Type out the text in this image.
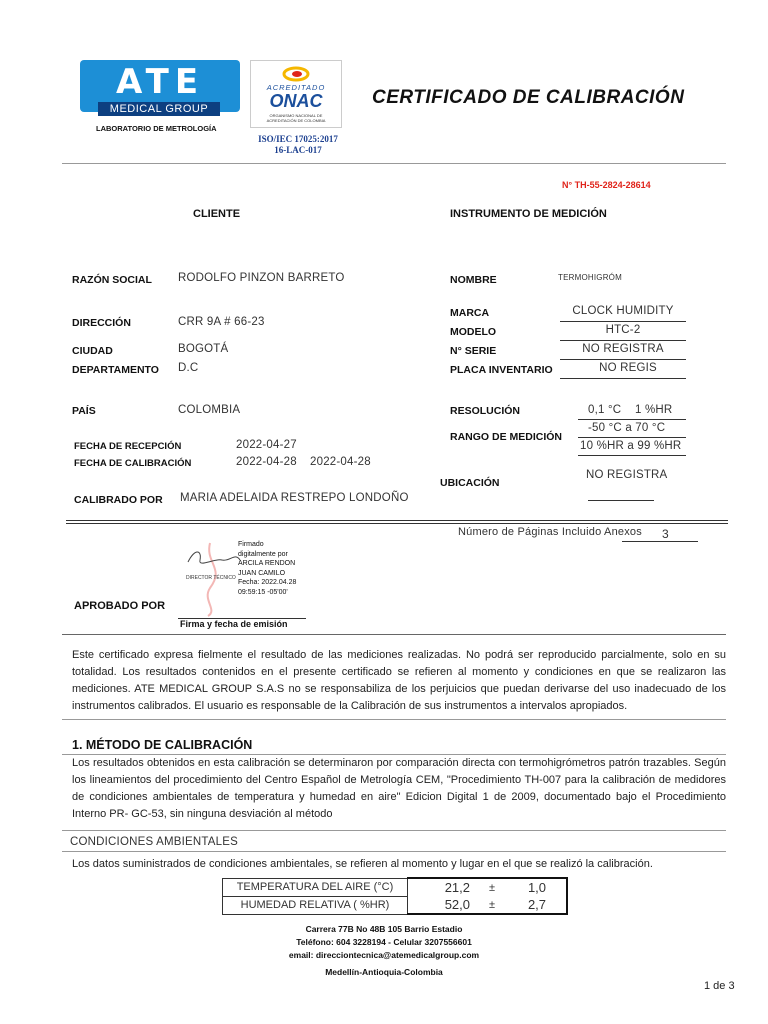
ATE
MEDICAL GROUP
LABORATORIO DE METROLOGÍA
ACREDITADO
ONAC
ORGANISMO NACIONAL DE ACREDITACIÓN DE COLOMBIA
ISO/IEC 17025:2017
16-LAC-017
CERTIFICADO DE CALIBRACIÓN
N° TH-55-2824-28614
CLIENTE	INSTRUMENTO DE MEDICIÓN
RAZÓN SOCIAL RODOLFO PINZON BARRETO
DIRECCIÓN	CRR 9A # 66-23
CIUDAD	BOGOTÁ
DEPARTAMENTO D.C
PAÍS	COLOMBIA
FECHA DE RECEPCIÓN	2022-04-27
FECHA DE CALIBRACIÓN	2022-04-28 2022-04-28
CALIBRADO POR MARIA ADELAIDA RESTREPO LONDOÑO
NOMBRE	TERMOHIGRÓM
MARCA	CLOCK HUMIDITY
MODELO	HTC-2
N° SERIE	NO REGISTRA
PLACA INVENTARIO	NO REGIS
RESOLUCIÓN	0,1 °C 1 %HR
RANGO DE MEDICIÓN
-50 °C a 70 °C
10 %HR a 99 %HR
UBICACIÓN
NO REGISTRA
Número de Páginas Incluido Anexos 3
DIRECTOR TÉCNICO
Firmado digitalmente por ARCILA RENDON JUAN CAMILO Fecha: 2022.04.28 09:59:15 -05'00'
APROBADO POR
Firma y fecha de emisión
Este certificado expresa fielmente el resultado de las mediciones realizadas. No podrá ser reproducido parcialmente, solo en su totalidad. Los resultados contenidos en el presente certificado se refieren al momento y condiciones en que se realizaron las mediciones. ATE MEDICAL GROUP S.A.S no se responsabiliza de los perjuicios que puedan derivarse del uso inadecuado de los instrumentos calibrados. El usuario es responsable de la Calibración de sus instrumentos a intervalos apropiados.
1. MÉTODO DE CALIBRACIÓN
Los resultados obtenidos en esta calibración se determinaron por comparación directa con termohigrómetros patrón trazables. Según los lineamientos del procedimiento del Centro Español de Metrología CEM, "Procedimiento TH-007 para la calibración de medidores de condiciones ambientales de temperatura y humedad en aire" Edicion Digital 1 de 2009, documentado bajo el Procedimiento Interno PR- GC-53, sin ninguna desviación al método
CONDICIONES AMBIENTALES
Los datos suministrados de condiciones ambientales, se refieren al momento y lugar en el que se realizó la calibración.
TEMPERATURA DEL AIRE (°C)	21,2	±	1,0
HUMEDAD RELATIVA ( %HR)	52,0	±	2,7
Carrera 77B No 48B 105 Barrio Estadio
Teléfono: 604 3228194 - Celular 3207556601
email: direcciontecnica@atemedicalgroup.com
Medellín-Antioquia-Colombia
1 de 3
